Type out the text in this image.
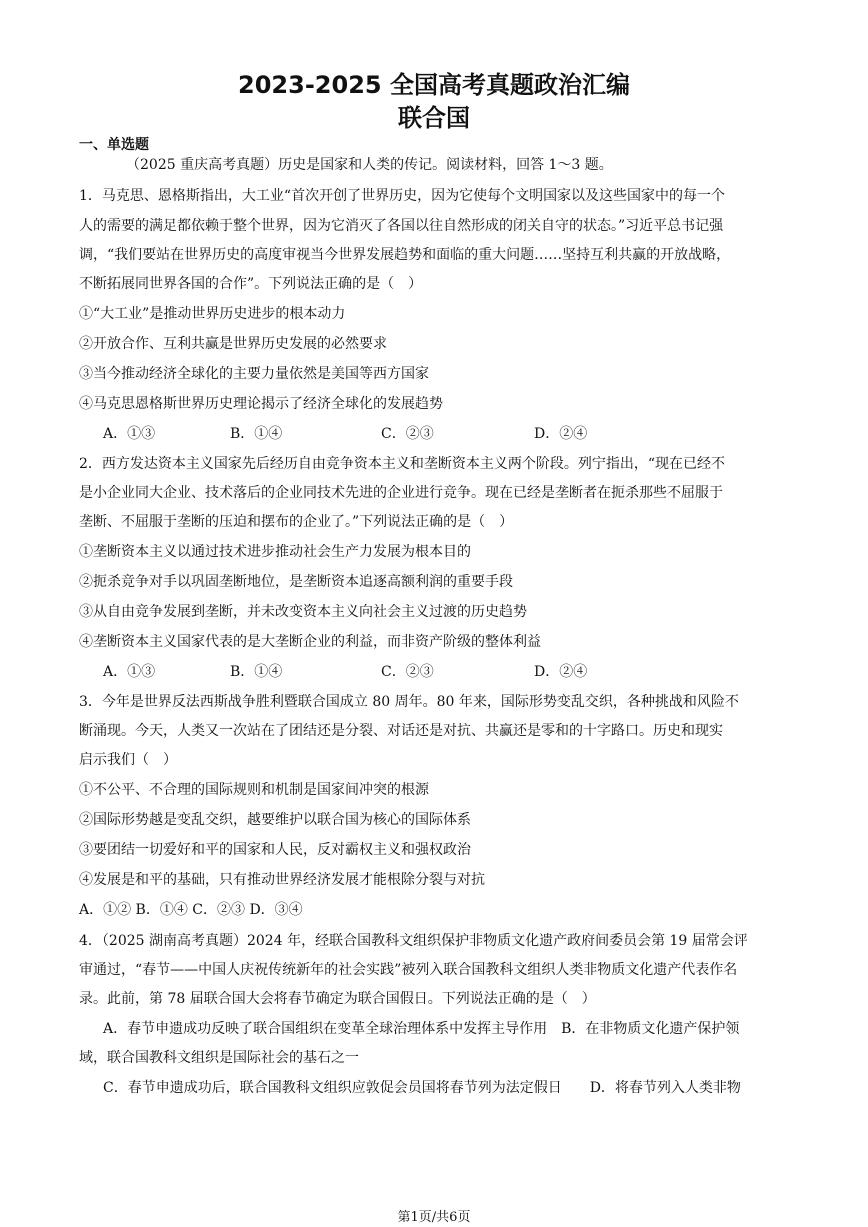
2023-2025 全国高考真题政治汇编
联合国
一、单选题
（2025 重庆高考真题）历史是国家和人类的传记。阅读材料，回答 1～3 题。
1．马克思、恩格斯指出，大工业“首次开创了世界历史，因为它使每个文明国家以及这些国家中的每一个
人的需要的满足都依赖于整个世界，因为它消灭了各国以往自然形成的闭关自守的状态。”习近平总书记强
调，“我们要站在世界历史的高度审视当今世界发展趋势和面临的重大问题……坚持互利共赢的开放战略，
不断拓展同世界各国的合作”。下列说法正确的是（　）
①“大工业”是推动世界历史进步的根本动力
②开放合作、互利共赢是世界历史发展的必然要求
③当今推动经济全球化的主要力量依然是美国等西方国家
④马克思恩格斯世界历史理论揭示了经济全球化的发展趋势
A．①③	B．①④	C．②③	D．②④
2．西方发达资本主义国家先后经历自由竞争资本主义和垄断资本主义两个阶段。列宁指出，“现在已经不
是小企业同大企业、技术落后的企业同技术先进的企业进行竞争。现在已经是垄断者在扼杀那些不屈服于
垄断、不屈服于垄断的压迫和摆布的企业了。”下列说法正确的是（　）
①垄断资本主义以通过技术进步推动社会生产力发展为根本目的
②扼杀竞争对手以巩固垄断地位，是垄断资本追逐高额利润的重要手段
③从自由竞争发展到垄断，并未改变资本主义向社会主义过渡的历史趋势
④垄断资本主义国家代表的是大垄断企业的利益，而非资产阶级的整体利益
A．①③	B．①④	C．②③	D．②④
3．今年是世界反法西斯战争胜利暨联合国成立 80 周年。80 年来，国际形势变乱交织，各种挑战和风险不
断涌现。今天，人类又一次站在了团结还是分裂、对话还是对抗、共赢还是零和的十字路口。历史和现实
启示我们（　）
①不公平、不合理的国际规则和机制是国家间冲突的根源
②国际形势越是变乱交织，越要维护以联合国为核心的国际体系
③要团结一切爱好和平的国家和人民，反对霸权主义和强权政治
④发展是和平的基础，只有推动世界经济发展才能根除分裂与对抗
A．①② B．①④ C．②③ D．③④
4．（2025 湖南高考真题）2024 年，经联合国教科文组织保护非物质文化遗产政府间委员会第 19 届常会评
审通过，“春节——中国人庆祝传统新年的社会实践”被列入联合国教科文组织人类非物质文化遗产代表作名
录。此前，第 78 届联合国大会将春节确定为联合国假日。下列说法正确的是（　）
A．春节申遗成功反映了联合国组织在变革全球治理体系中发挥主导作用　B．在非物质文化遗产保护领
域，联合国教科文组织是国际社会的基石之一
C．春节申遗成功后，联合国教科文组织应敦促会员国将春节列为法定假日　　D．将春节列入人类非物
第1页/共6页
